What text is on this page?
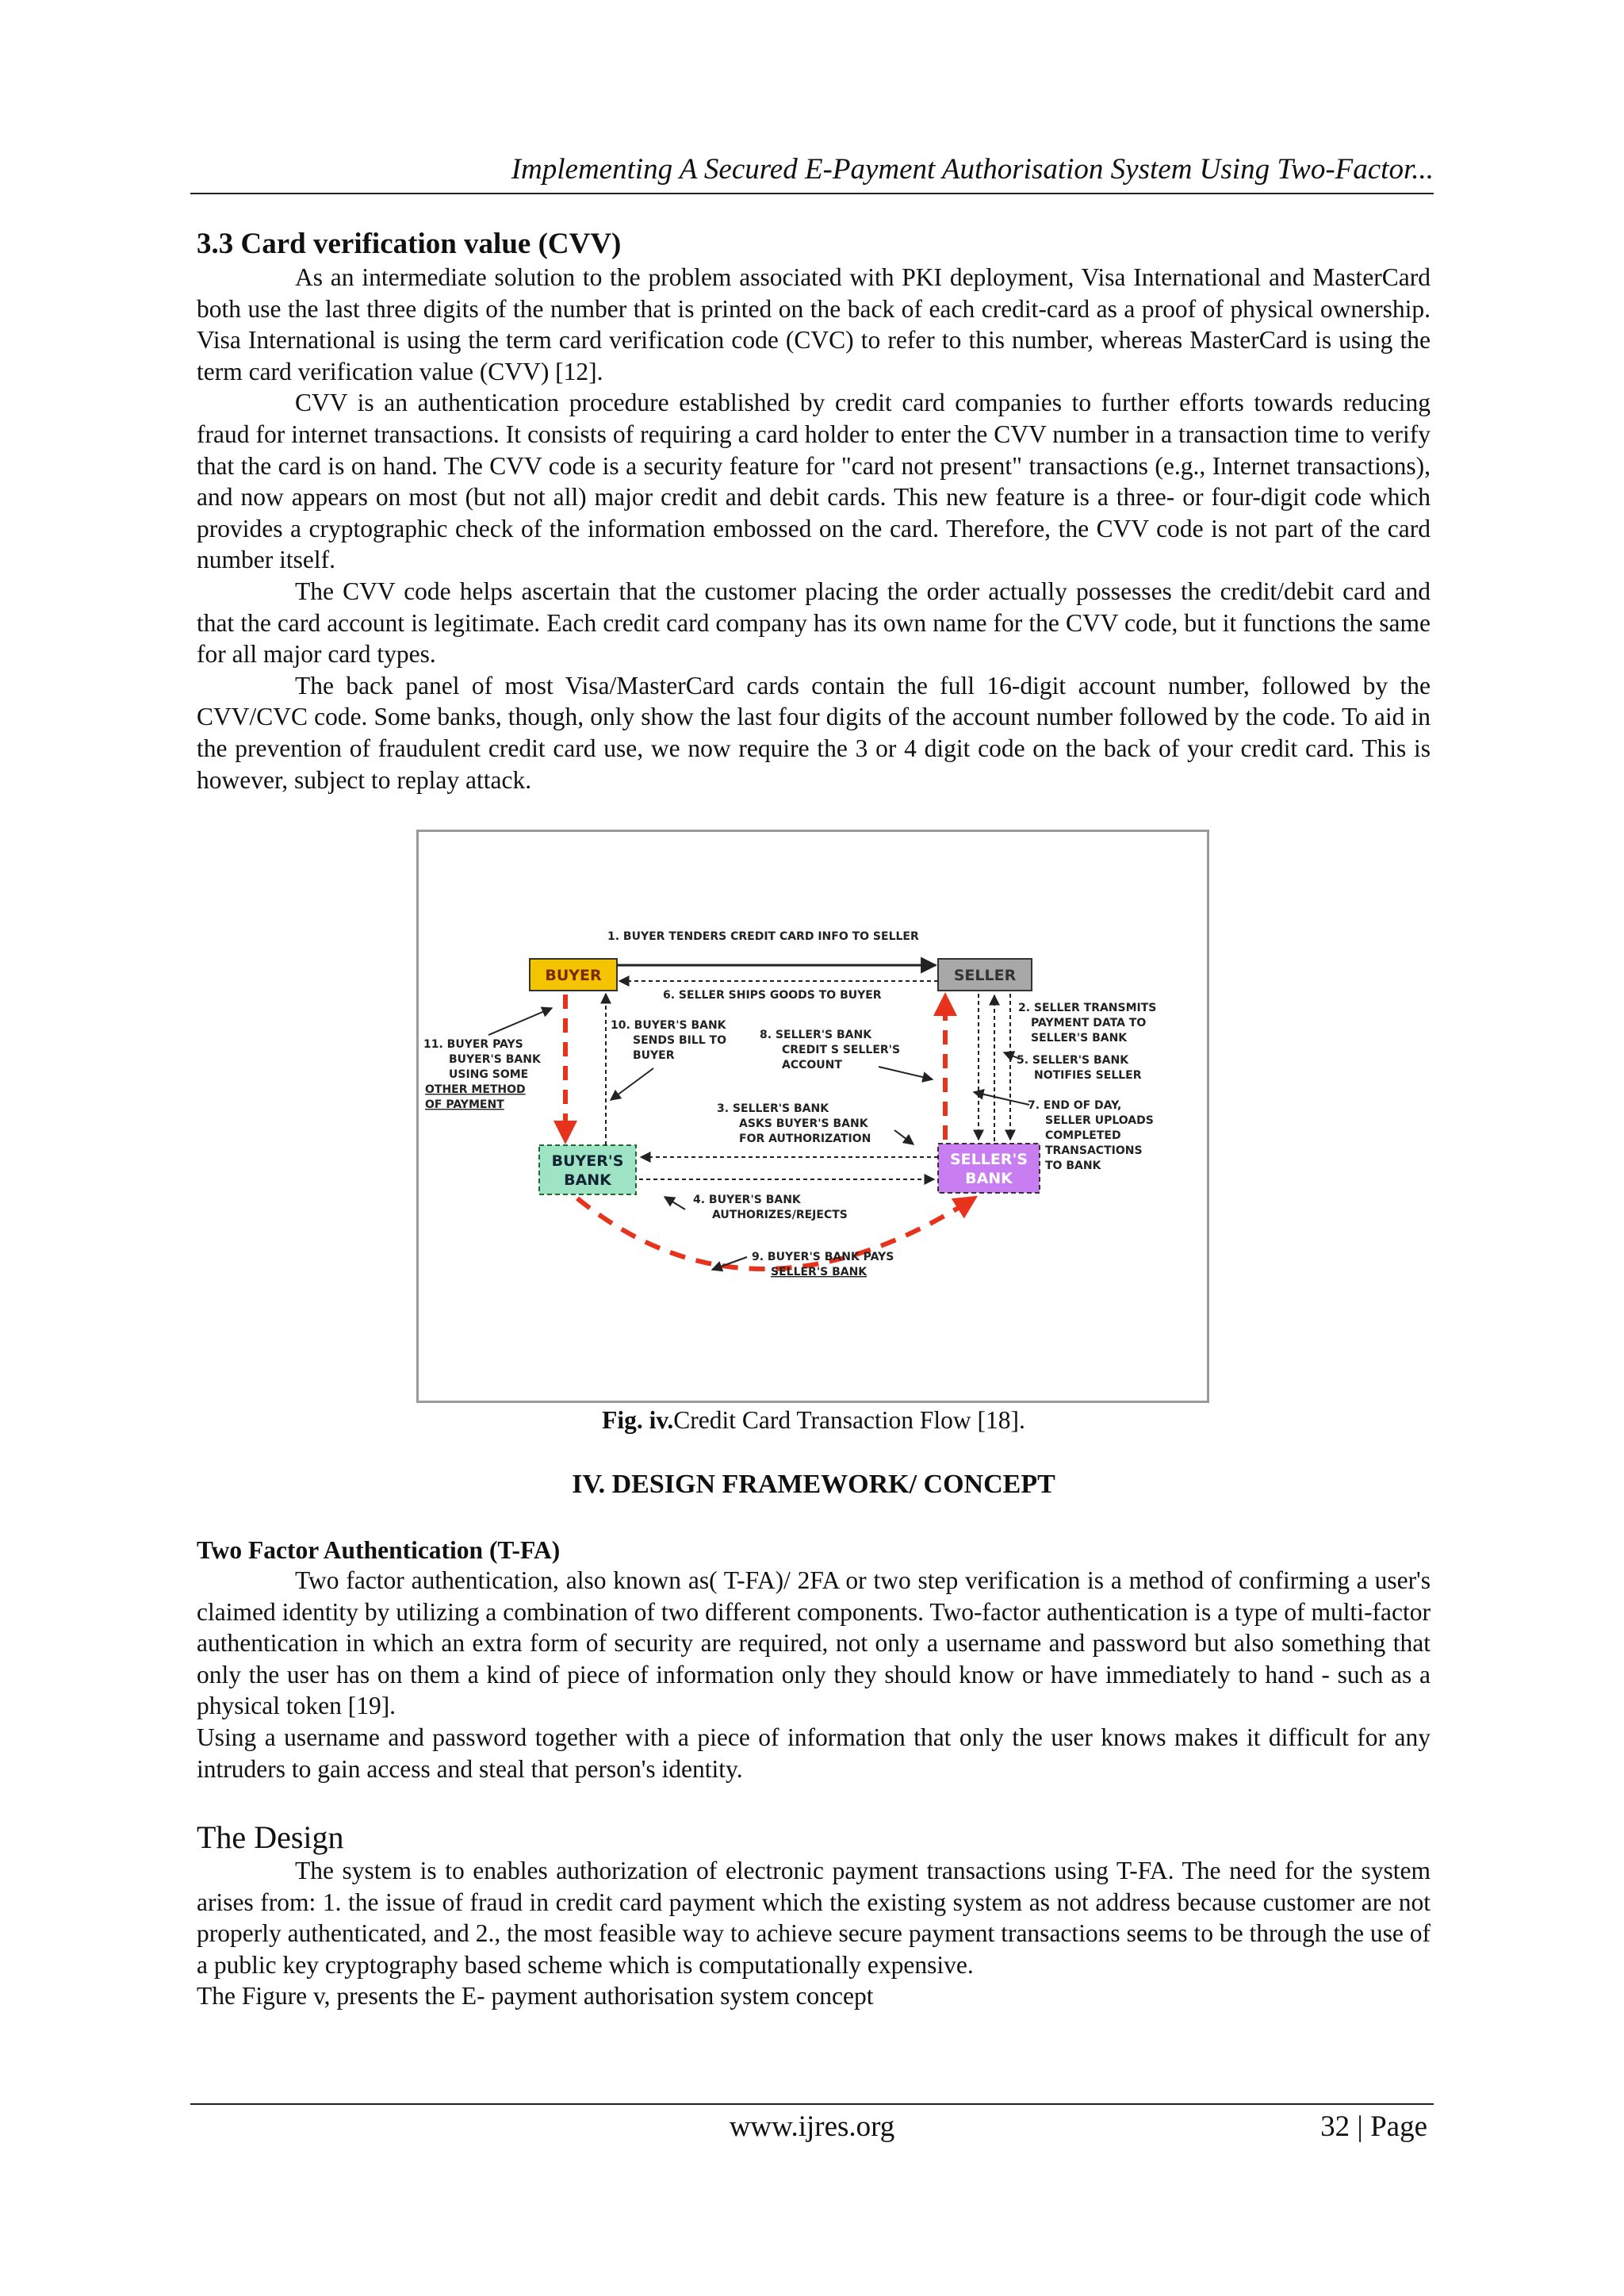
Implementing A Secured E-Payment Authorisation System Using Two-Factor...
3.3 Card verification value (CVV)

As an intermediate solution to the problem associated with PKI deployment, Visa International and MasterCard both use the last three digits of the number that is printed on the back of each credit-card as a proof of physical ownership. Visa International is using the term card verification code (CVC) to refer to this number, whereas MasterCard is using the term card verification value (CVV) [12].

CVV is an authentication procedure established by credit card companies to further efforts towards reducing fraud for internet transactions. It consists of requiring a card holder to enter the CVV number in a transaction time to verify that the card is on hand. The CVV code is a security feature for "card not present" transactions (e.g., Internet transactions), and now appears on most (but not all) major credit and debit cards. This new feature is a three- or four-digit code which provides a cryptographic check of the information embossed on the card. Therefore, the CVV code is not part of the card number itself.

The CVV code helps ascertain that the customer placing the order actually possesses the credit/debit card and that the card account is legitimate. Each credit card company has its own name for the CVV code, but it functions the same for all major card types.

The back panel of most Visa/MasterCard cards contain the full 16-digit account number, followed by the CVV/CVC code. Some banks, though, only show the last four digits of the account number followed by the code. To aid in the prevention of fraudulent credit card use, we now require the 3 or 4 digit code on the back of your credit card. This is however, subject to replay attack.

BUYER	SELLER
BUYER'S
BANK
SELLER'S
BANK
1. BUYER TENDERS CREDIT CARD INFO TO SELLER
6. SELLER SHIPS GOODS TO BUYER
10. BUYER'S BANK
SENDS BILL TO
BUYER
11. BUYER PAYS
BUYER'S BANK
USING SOME
OTHER METHOD
OF PAYMENT
8. SELLER'S BANK
CREDIT S SELLER'S
ACCOUNT
2. SELLER TRANSMITS
PAYMENT DATA TO
SELLER'S BANK
5. SELLER'S BANK
NOTIFIES SELLER
7. END OF DAY,
SELLER UPLOADS
COMPLETED
TRANSACTIONS
TO BANK
3. SELLER'S BANK
ASKS BUYER'S BANK
FOR AUTHORIZATION
4. BUYER'S BANK
AUTHORIZES/REJECTS
9. BUYER'S BANK PAYS
SELLER'S BANK
Fig. iv.Credit Card Transaction Flow [18].
IV. DESIGN FRAMEWORK/ CONCEPT
Two Factor Authentication (T-FA)

Two factor authentication, also known as( T-FA)/ 2FA or two step verification is a method of confirming a user's claimed identity by utilizing a combination of two different components. Two-factor authentication is a type of multi-factor authentication in which an extra form of security are required, not only a username and password but also something that only the user has on them a kind of piece of information only they should know or have immediately to hand - such as a physical token [19].

Using a username and password together with a piece of information that only the user knows makes it difficult for any intruders to gain access and steal that person's identity.

The Design

The system is to enables authorization of electronic payment transactions using T-FA. The need for the system arises from: 1. the issue of fraud in credit card payment which the existing system as not address because customer are not properly authenticated, and 2., the most feasible way to achieve secure payment transactions seems to be through the use of a public key cryptography based scheme which is computationally expensive.

The Figure v, presents the E- payment authorisation system concept

www.ijres.org	32 | Page
